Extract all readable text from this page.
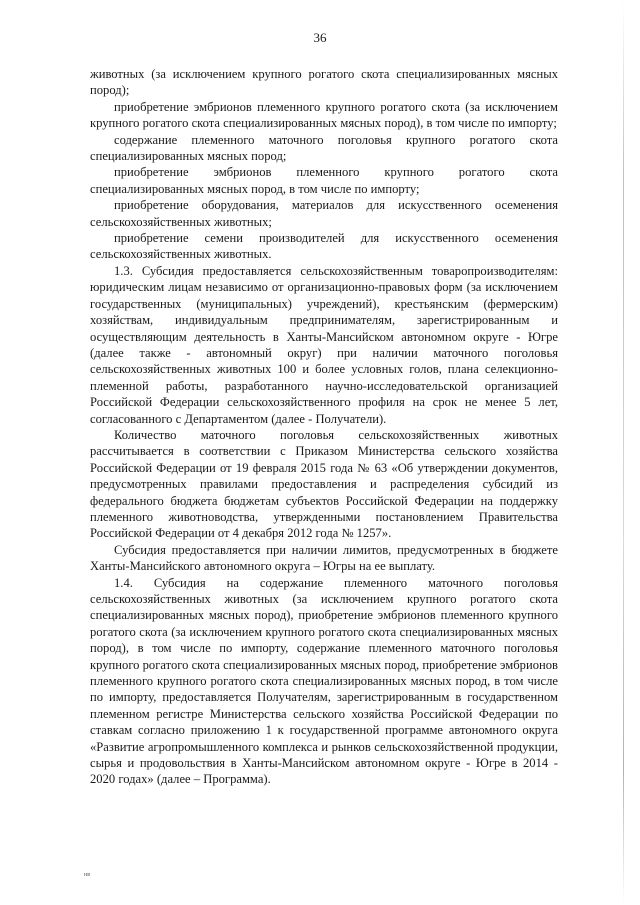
36

животных (за исключением крупного рогатого скота специализированных мясных пород);

приобретение эмбрионов племенного крупного рогатого скота (за исключением крупного рогатого скота специализированных мясных пород), в том числе по импорту;

содержание племенного маточного поголовья крупного рогатого скота специализированных мясных пород;

приобретение эмбрионов племенного крупного рогатого скота специализированных мясных пород, в том числе по импорту;

приобретение оборудования, материалов для искусственного осеменения сельскохозяйственных животных;

приобретение семени производителей для искусственного осеменения сельскохозяйственных животных.

1.3. Субсидия предоставляется сельскохозяйственным товаропроизводителям: юридическим лицам независимо от организационно-правовых форм (за исключением государственных (муниципальных) учреждений), крестьянским (фермерским) хозяйствам, индивидуальным предпринимателям, зарегистрированным и осуществляющим деятельность в Ханты-Мансийском автономном округе - Югре (далее также - автономный округ) при наличии маточного поголовья сельскохозяйственных животных 100 и более условных голов, плана селекционно-племенной работы, разработанного научно-исследовательской организацией Российской Федерации сельскохозяйственного профиля на срок не менее 5 лет, согласованного с Департаментом (далее - Получатели).

Количество маточного поголовья сельскохозяйственных животных рассчитывается в соответствии с Приказом Министерства сельского хозяйства Российской Федерации от 19 февраля 2015 года № 63 «Об утверждении документов, предусмотренных правилами предоставления и распределения субсидий из федерального бюджета бюджетам субъектов Российской Федерации на поддержку племенного животноводства, утвержденными постановлением Правительства Российской Федерации от 4 декабря 2012 года № 1257».

Субсидия предоставляется при наличии лимитов, предусмотренных в бюджете Ханты-Мансийского автономного округа – Югры на ее выплату.

1.4. Субсидия на содержание племенного маточного поголовья сельскохозяйственных животных (за исключением крупного рогатого скота специализированных мясных пород), приобретение эмбрионов племенного крупного рогатого скота (за исключением крупного рогатого скота специализированных мясных пород), в том числе по импорту, содержание племенного маточного поголовья крупного рогатого скота специализированных мясных пород, приобретение эмбрионов племенного крупного рогатого скота специализированных мясных пород, в том числе по импорту, предоставляется Получателям, зарегистрированным в государственном племенном регистре Министерства сельского хозяйства Российской Федерации по ставкам согласно приложению 1 к государственной программе автономного округа «Развитие агропромышленного комплекса и рынков сельскохозяйственной продукции, сырья и продовольствия в Ханты-Мансийском автономном округе - Югре в 2014 - 2020 годах» (далее – Программа).

нв
